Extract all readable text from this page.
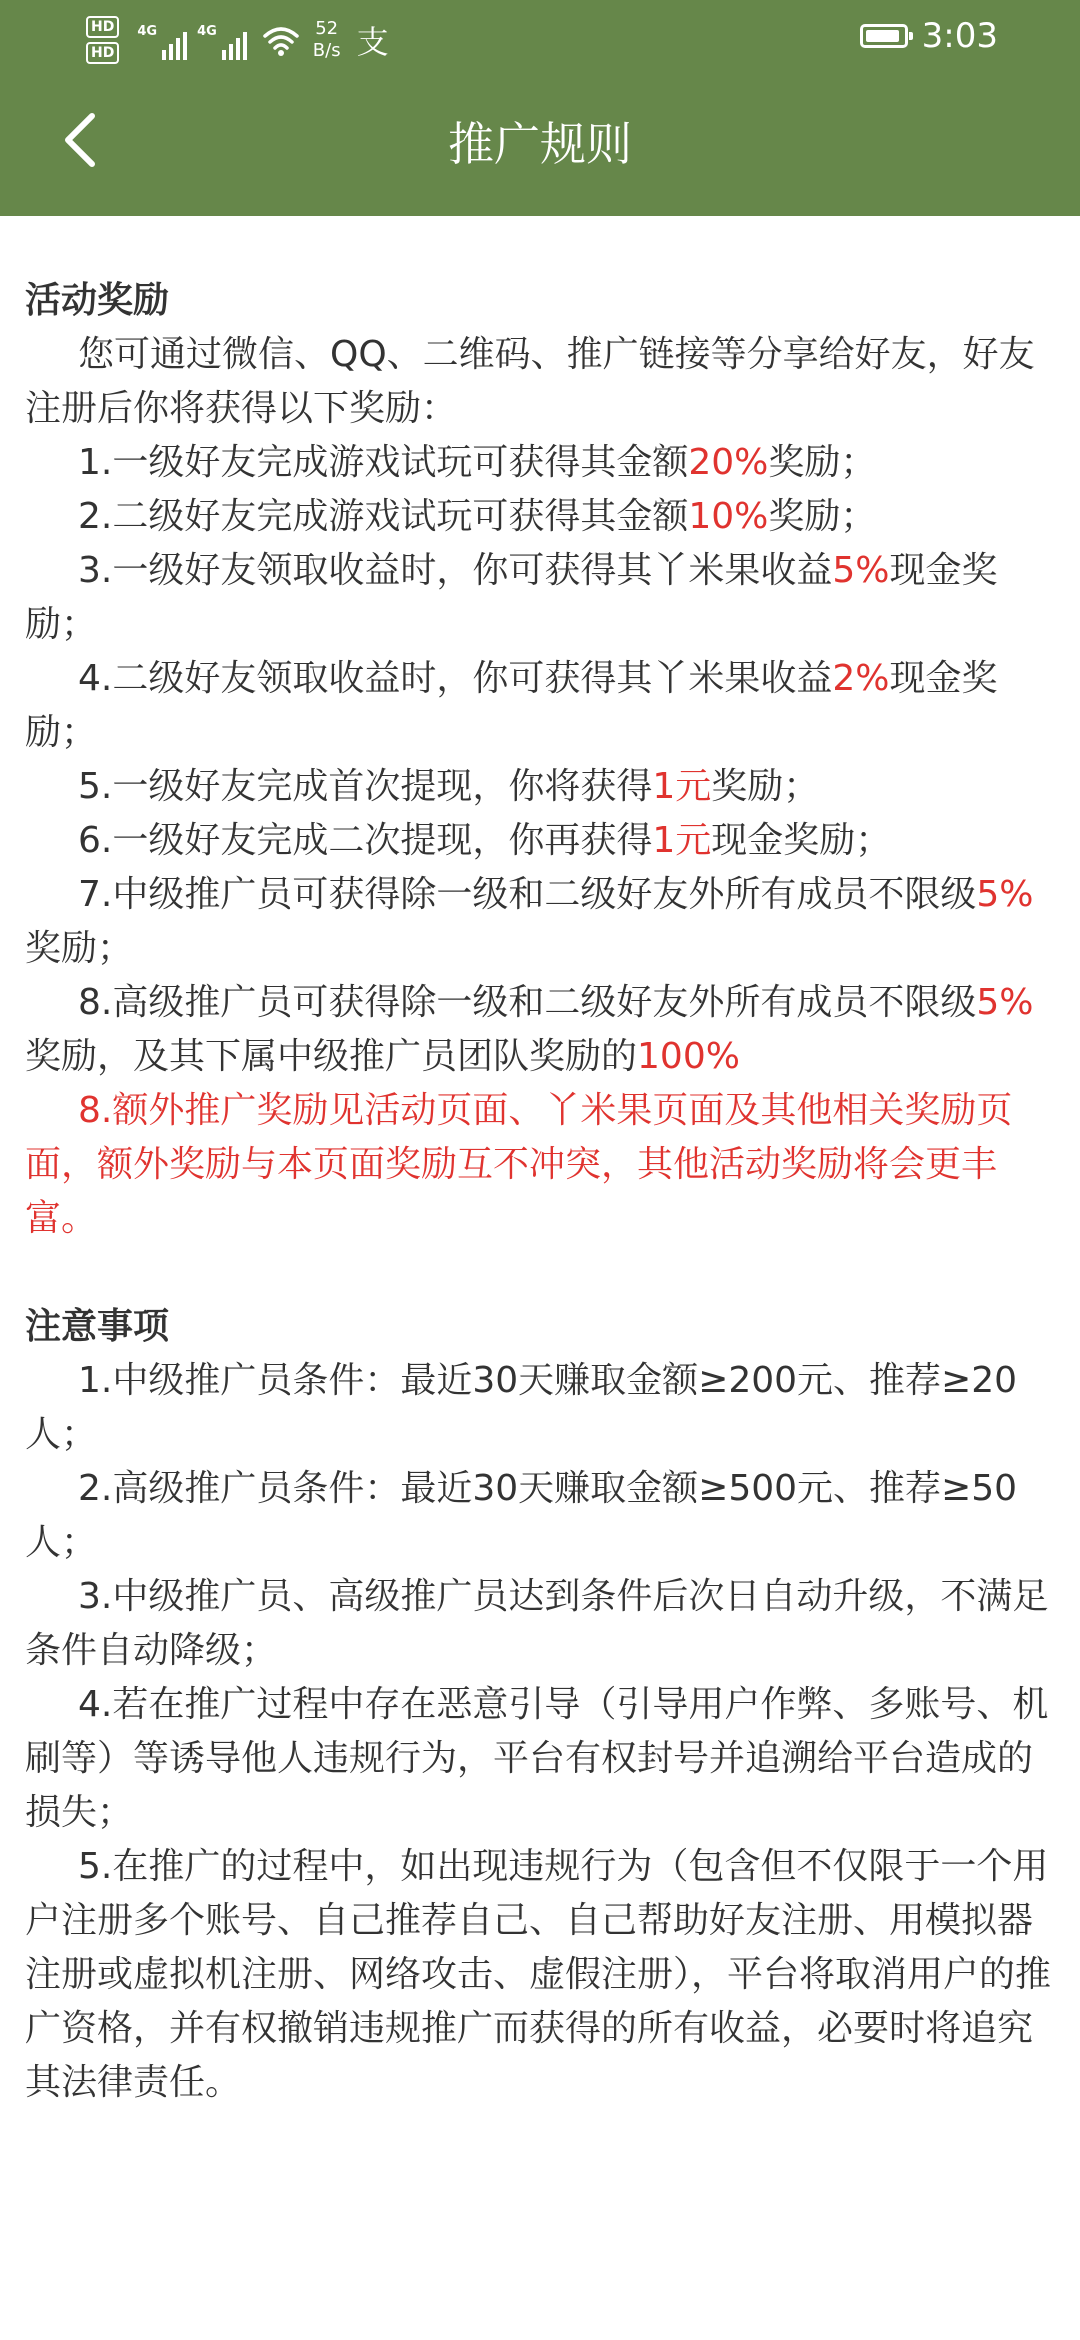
HD
HD
4G	4G	52
B/s 支	3:03
推广规则

活动奖励

您可通过微信、QQ、二维码、推广链接等分享给好友，好友注册后你将获得以下奖励：

1.一级好友完成游戏试玩可获得其金额20%奖励；

2.二级好友完成游戏试玩可获得其金额10%奖励；

3.一级好友领取收益时，你可获得其丫米果收益5%现金奖励；

4.二级好友领取收益时，你可获得其丫米果收益2%现金奖励；

5.一级好友完成首次提现，你将获得1元奖励；

6.一级好友完成二次提现，你再获得1元现金奖励；

7.中级推广员可获得除一级和二级好友外所有成员不限级5%奖励；

8.高级推广员可获得除一级和二级好友外所有成员不限级5%奖励，及其下属中级推广员团队奖励的100%

8.额外推广奖励见活动页面、丫米果页面及其他相关奖励页面，额外奖励与本页面奖励互不冲突，其他活动奖励将会更丰富。

注意事项

1.中级推广员条件：最近30天赚取金额≥200元、推荐≥20人；

2.高级推广员条件：最近30天赚取金额≥500元、推荐≥50人；

3.中级推广员、高级推广员达到条件后次日自动升级，不满足条件自动降级；

4.若在推广过程中存在恶意引导（引导用户作弊、多账号、机刷等）等诱导他人违规行为，平台有权封号并追溯给平台造成的损失；

5.在推广的过程中，如出现违规行为（包含但不仅限于一个用户注册多个账号、自己推荐自己、自己帮助好友注册、用模拟器注册或虚拟机注册、网络攻击、虚假注册），平台将取消用户的推广资格，并有权撤销违规推广而获得的所有收益，必要时将追究其法律责任。
